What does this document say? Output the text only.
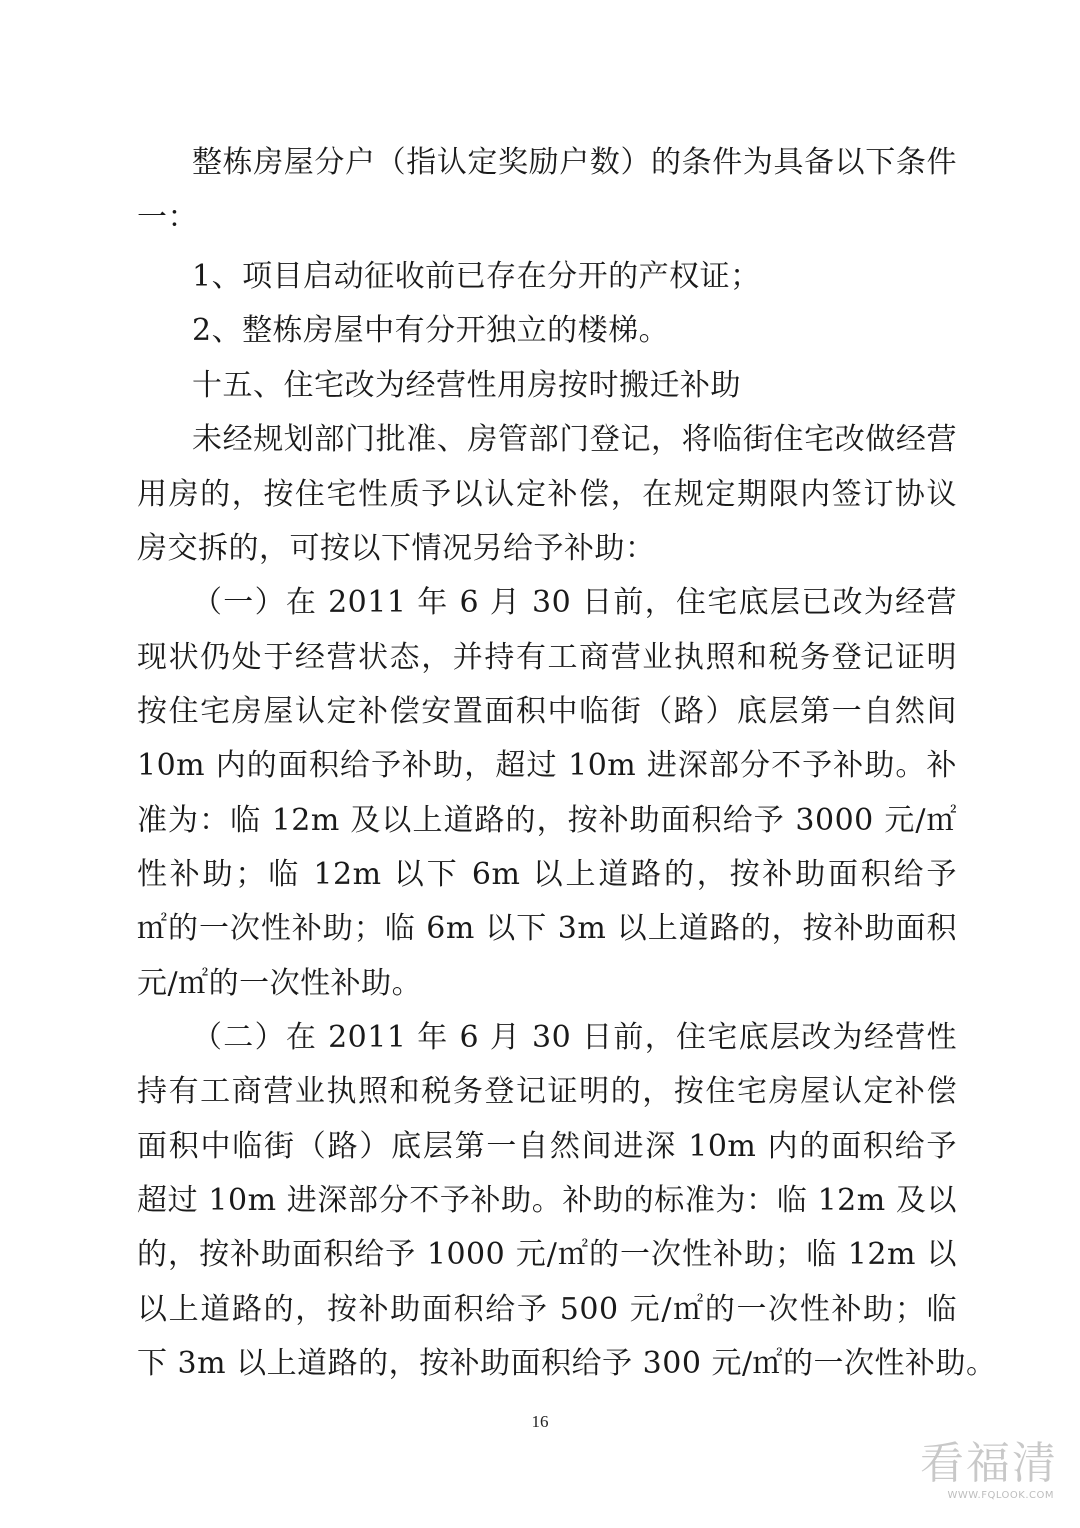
整栋房屋分户（指认定奖励户数）的条件为具备以下条件
一：
1、项目启动征收前已存在分开的产权证；
2、整栋房屋中有分开独立的楼梯。
十五、住宅改为经营性用房按时搬迁补助
未经规划部门批准、房管部门登记，将临街住宅改做经营
用房的，按住宅性质予以认定补偿，在规定期限内签订协议
房交拆的，可按以下情况另给予补助：
（一）在 2011 年 6 月 30 日前，住宅底层已改为经营
现状仍处于经营状态，并持有工商营业执照和税务登记证明
按住宅房屋认定补偿安置面积中临街（路）底层第一自然间
10m 内的面积给予补助，超过 10m 进深部分不予补助。补
准为：临 12m 及以上道路的，按补助面积给予 3000 元/㎡
性补助；临 12m 以下 6m 以上道路的，按补助面积给予
㎡的一次性补助；临 6m 以下 3m 以上道路的，按补助面积
元/㎡的一次性补助。
（二）在 2011 年 6 月 30 日前，住宅底层改为经营性
持有工商营业执照和税务登记证明的，按住宅房屋认定补偿
面积中临街（路）底层第一自然间进深 10m 内的面积给予
超过 10m 进深部分不予补助。补助的标准为：临 12m 及以
的，按补助面积给予 1000 元/㎡的一次性补助；临 12m 以
以上道路的，按补助面积给予 500 元/㎡的一次性补助；临
下 3m 以上道路的，按补助面积给予 300 元/㎡的一次性补助。
16
看福清
WWW.FQLOOK.COM
